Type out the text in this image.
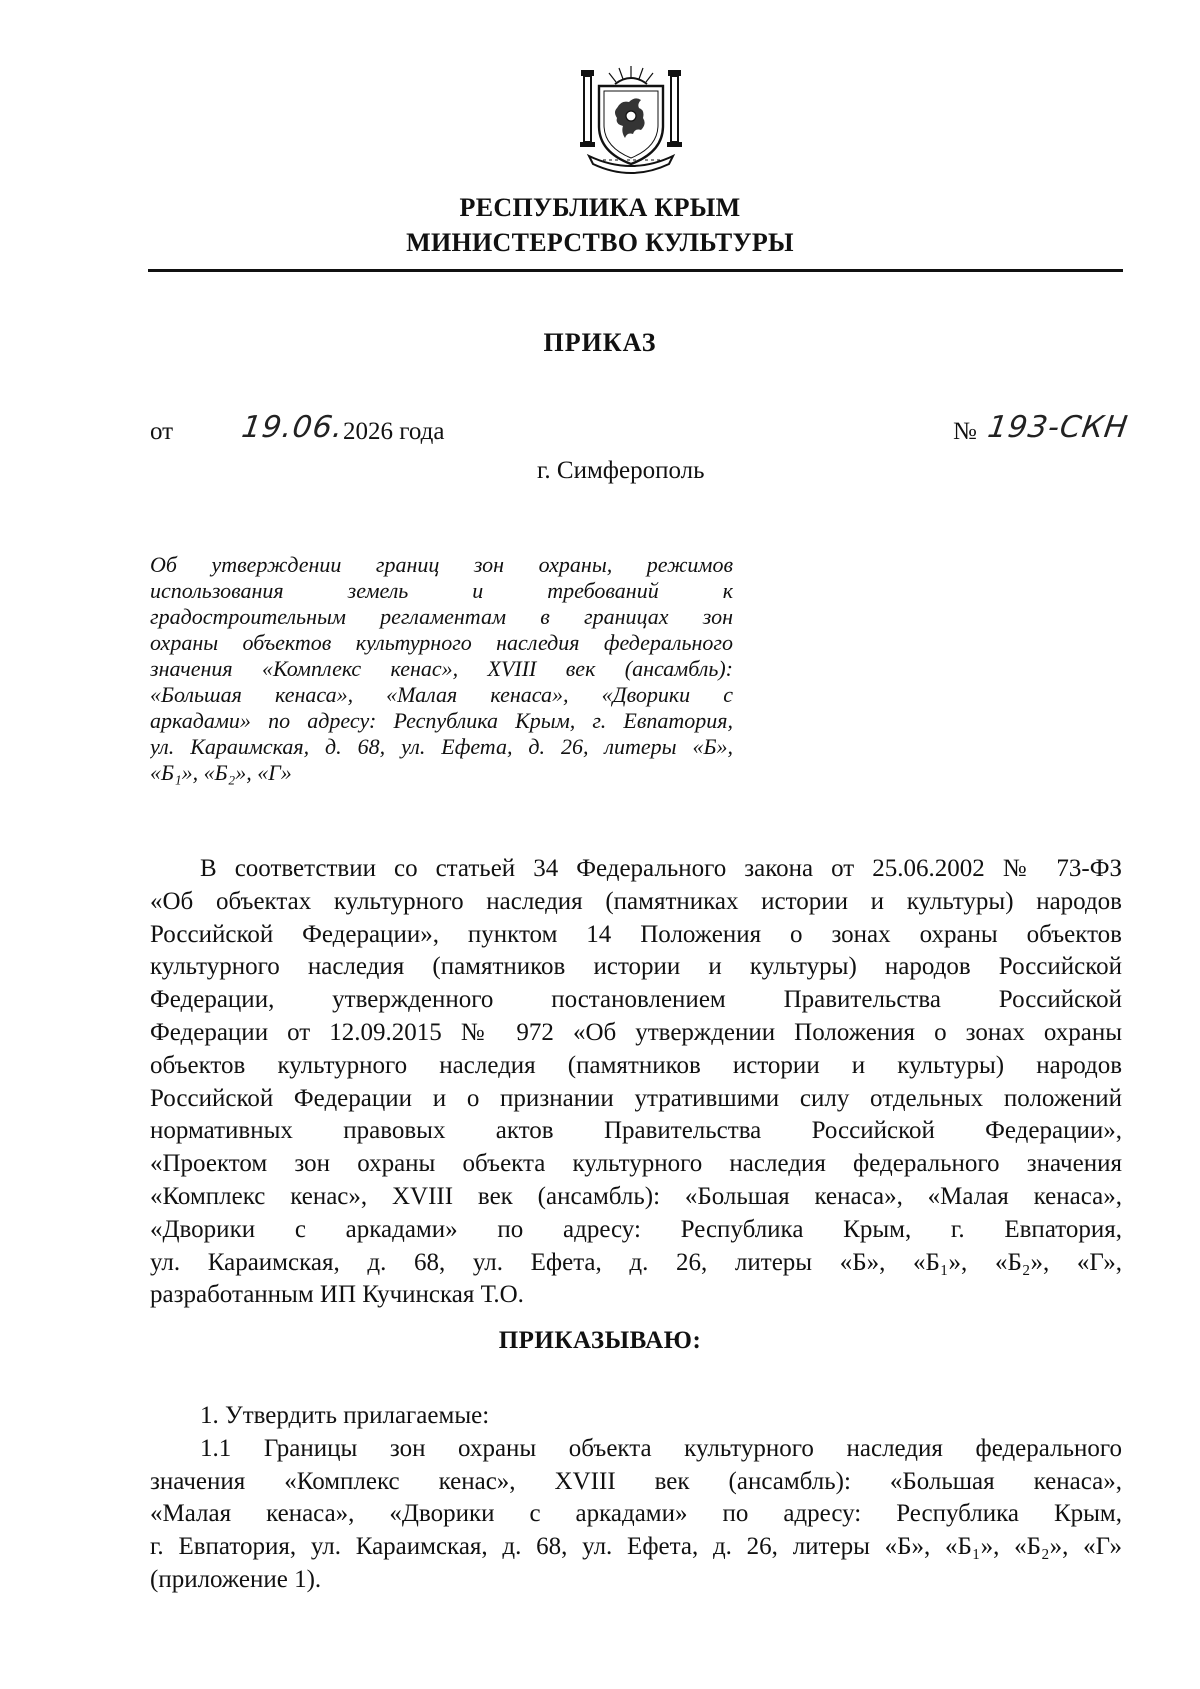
РЕСПУБЛИКА КРЫМ
МИНИСТЕРСТВО КУЛЬТУРЫ
ПРИКАЗ
от 19.06.
2026 года	№ 193-СКН
г. Симферополь
Об утверждении границ зон охраны, режимов
использования земель и требований к
градостроительным регламентам в границах зон
охраны объектов культурного наследия федерального
значения «Комплекс кенас», XVIII век (ансамбль):
«Большая кенаса», «Малая кенаса», «Дворики с
аркадами» по адресу: Республика Крым, г. Евпатория,
ул. Караимская, д. 68, ул. Ефета, д. 26, литеры «Б»,
«Б₁», «Б₂», «Г»
В соответствии со статьей 34 Федерального закона от 25.06.2002 № 73-ФЗ
«Об объектах культурного наследия (памятниках истории и культуры) народов
Российской Федерации», пунктом 14 Положения о зонах охраны объектов
культурного наследия (памятников истории и культуры) народов Российской
Федерации, утвержденного постановлением Правительства Российской
Федерации от 12.09.2015 № 972 «Об утверждении Положения о зонах охраны
объектов культурного наследия (памятников истории и культуры) народов
Российской Федерации и о признании утратившими силу отдельных положений
нормативных правовых актов Правительства Российской Федерации»,
«Проектом зон охраны объекта культурного наследия федерального значения
«Комплекс кенас», XVIII век (ансамбль): «Большая кенаса», «Малая кенаса»,
«Дворики с аркадами» по адресу: Республика Крым, г. Евпатория,
ул. Караимская, д. 68, ул. Ефета, д. 26, литеры «Б», «Б₁», «Б₂», «Г»,
разработанным ИП Кучинская Т.О.
ПРИКАЗЫВАЮ:
1. Утвердить прилагаемые:
1.1 Границы зон охраны объекта культурного наследия федерального
значения «Комплекс кенас», XVIII век (ансамбль): «Большая кенаса»,
«Малая кенаса», «Дворики с аркадами» по адресу: Республика Крым,
г. Евпатория, ул. Караимская, д. 68, ул. Ефета, д. 26, литеры «Б», «Б₁», «Б₂», «Г»
(приложение 1).
